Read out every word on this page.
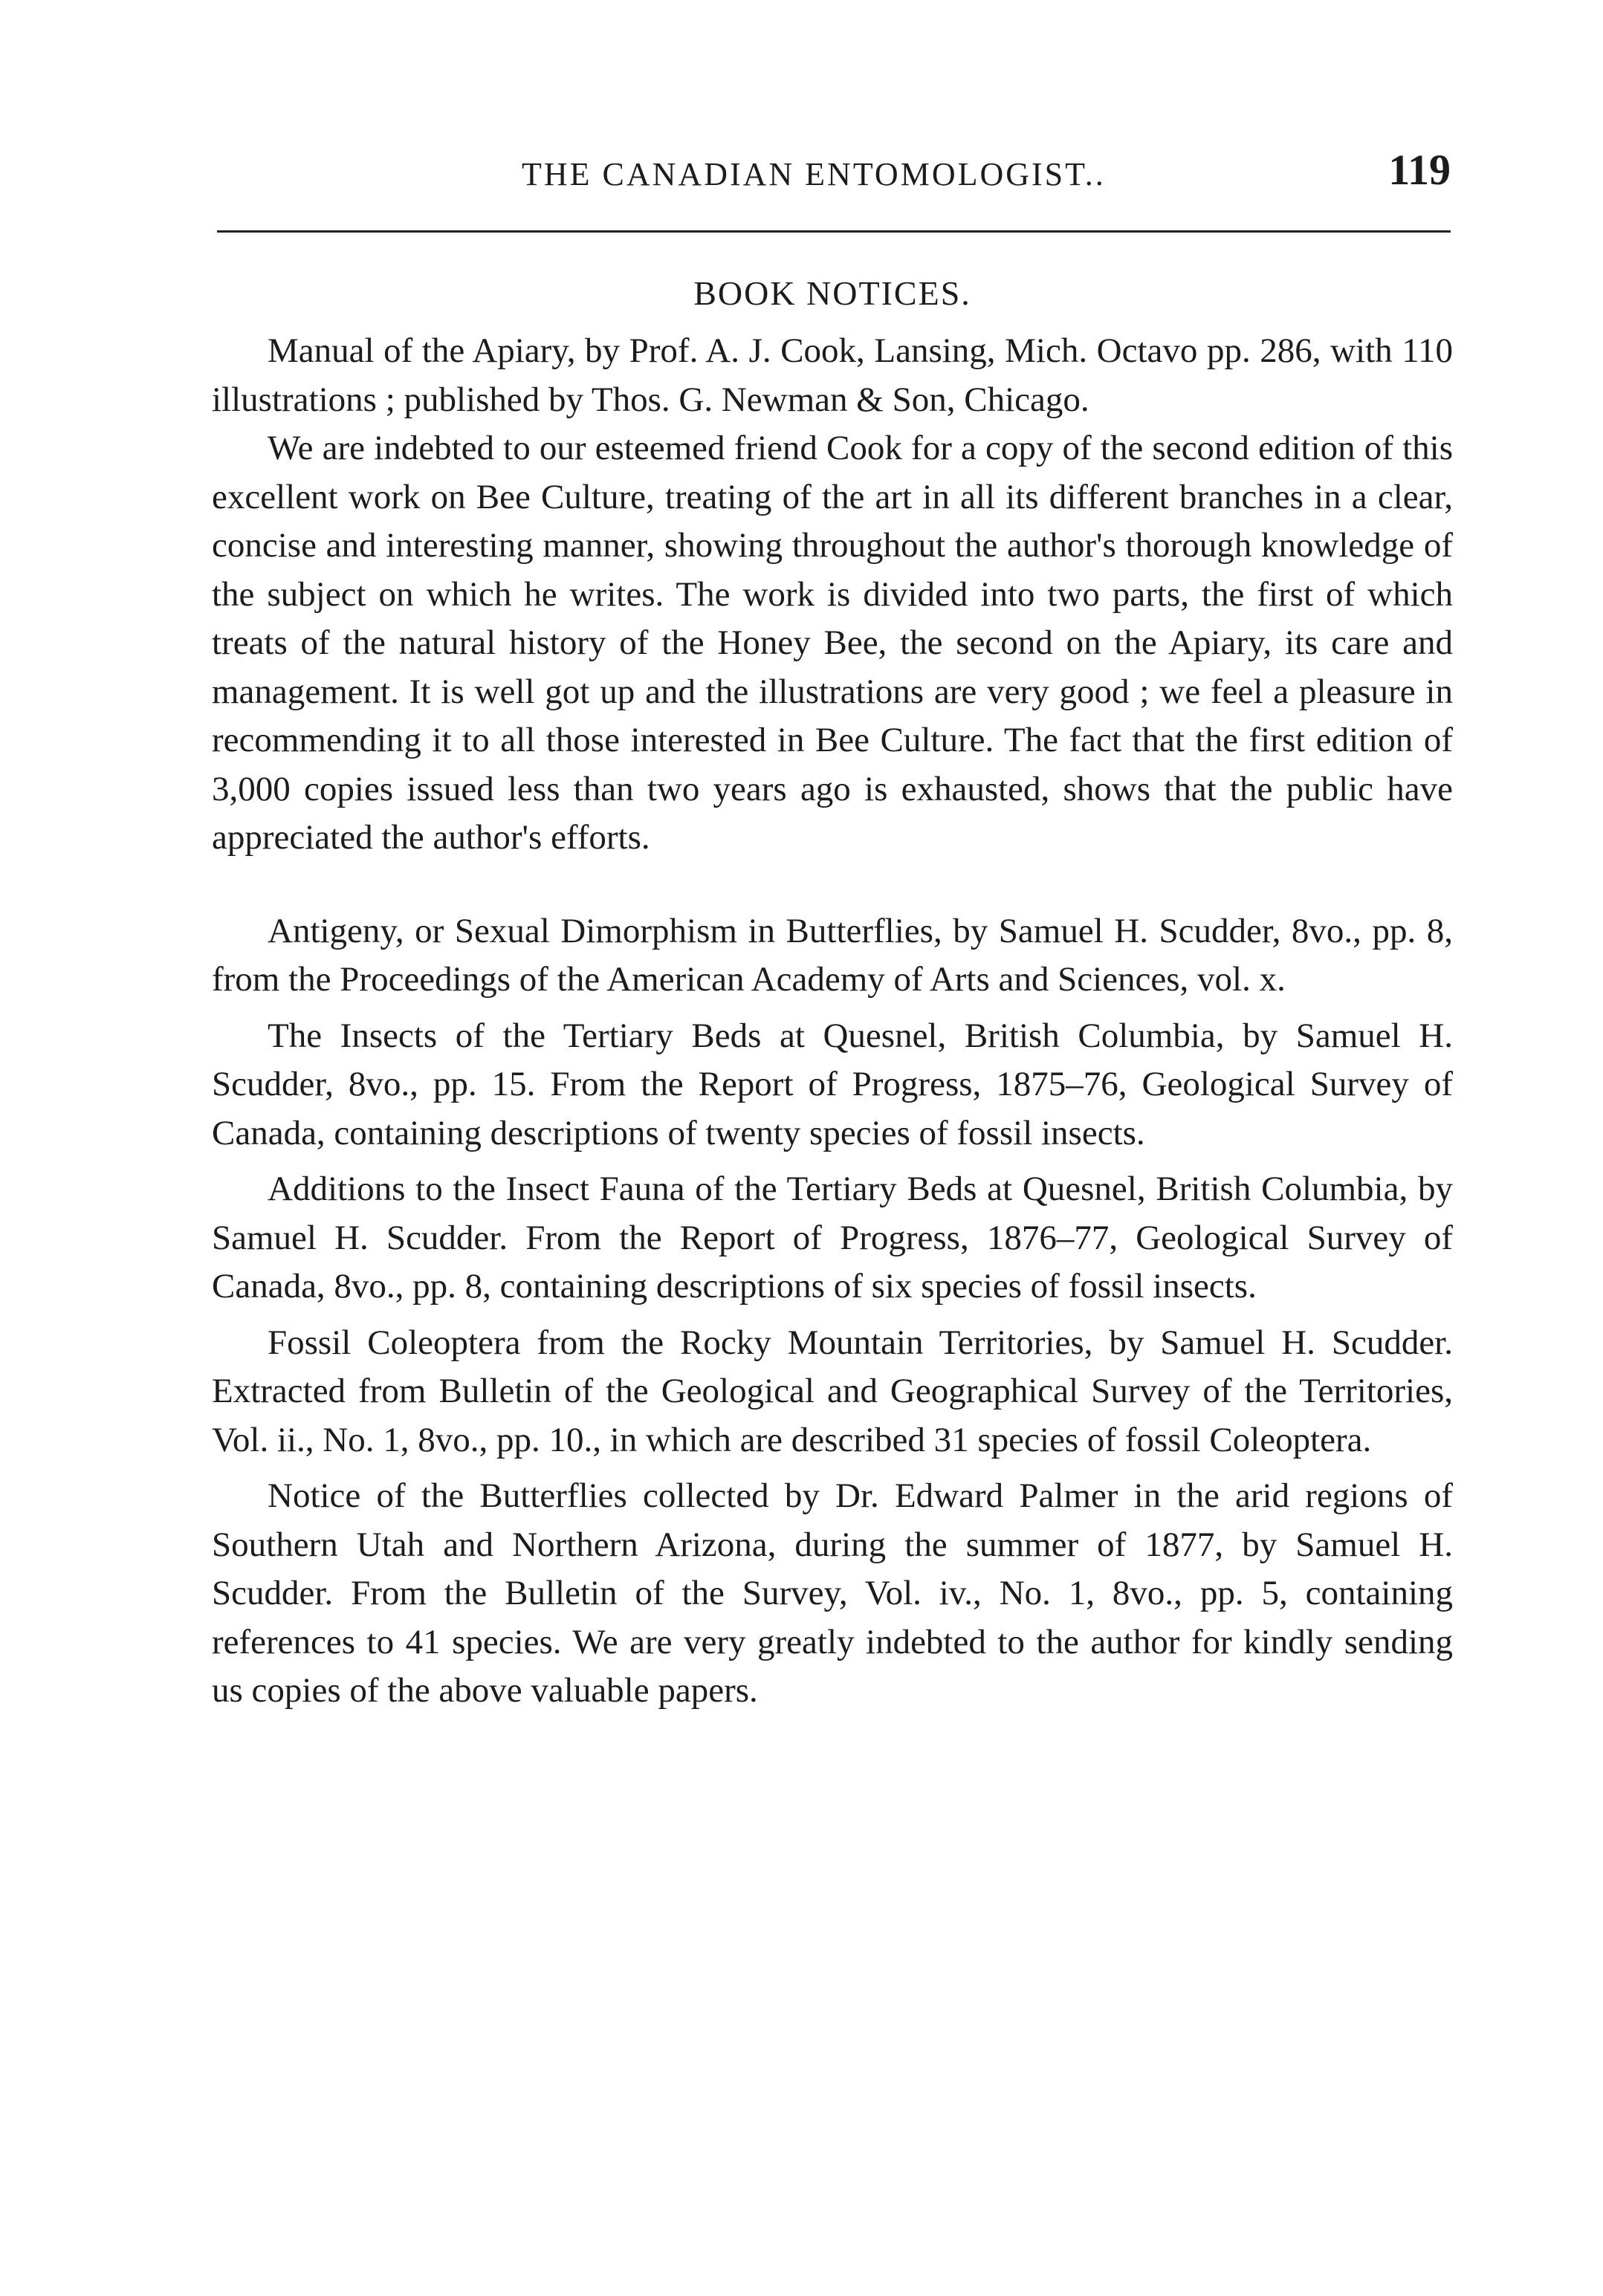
THE CANADIAN ENTOMOLOGIST..	119
BOOK NOTICES.

Manual of the Apiary, by Prof. A. J. Cook, Lansing, Mich. Octavo pp. 286, with 110 illustrations ; published by Thos. G. Newman & Son, Chicago.

We are indebted to our esteemed friend Cook for a copy of the second edition of this excellent work on Bee Culture, treating of the art in all its different branches in a clear, concise and interesting manner, showing throughout the author's thorough knowledge of the subject on which he writes. The work is divided into two parts, the first of which treats of the natural history of the Honey Bee, the second on the Apiary, its care and management. It is well got up and the illustrations are very good ; we feel a pleasure in recommending it to all those interested in Bee Culture. The fact that the first edition of 3,000 copies issued less than two years ago is exhausted, shows that the public have appreciated the author's efforts.

Antigeny, or Sexual Dimorphism in Butterflies, by Samuel H. Scudder, 8vo., pp. 8, from the Proceedings of the American Academy of Arts and Sciences, vol. x.

The Insects of the Tertiary Beds at Quesnel, British Columbia, by Samuel H. Scudder, 8vo., pp. 15. From the Report of Progress, 1875–76, Geological Survey of Canada, containing descriptions of twenty species of fossil insects.

Additions to the Insect Fauna of the Tertiary Beds at Quesnel, British Columbia, by Samuel H. Scudder. From the Report of Progress, 1876–77, Geological Survey of Canada, 8vo., pp. 8, containing descriptions of six species of fossil insects.

Fossil Coleoptera from the Rocky Mountain Territories, by Samuel H. Scudder. Extracted from Bulletin of the Geological and Geographical Survey of the Territories, Vol. ii., No. 1, 8vo., pp. 10., in which are described 31 species of fossil Coleoptera.

Notice of the Butterflies collected by Dr. Edward Palmer in the arid regions of Southern Utah and Northern Arizona, during the summer of 1877, by Samuel H. Scudder. From the Bulletin of the Survey, Vol. iv., No. 1, 8vo., pp. 5, containing references to 41 species. We are very greatly indebted to the author for kindly sending us copies of the above valuable papers.
